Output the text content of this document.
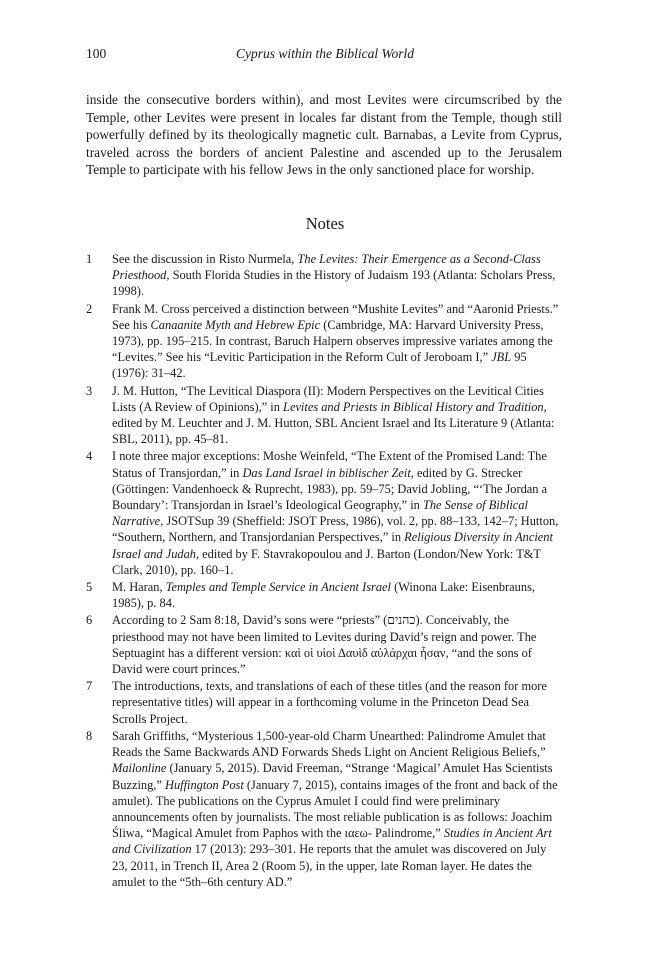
100	Cyprus within the Biblical World

inside the consecutive borders within), and most Levites were circumscribed by the Temple, other Levites were present in locales far distant from the Temple, though still powerfully defined by its theologically magnetic cult. Barnabas, a Levite from Cyprus, traveled across the borders of ancient Palestine and ascended up to the Jerusalem Temple to participate with his fellow Jews in the only sanctioned place for worship.

Notes
1	See the discussion in Risto Nurmela, The Levites: Their Emergence as a Second-Class Priesthood, South Florida Studies in the History of Judaism 193 (Atlanta: Scholars Press, 1998).
2	Frank M. Cross perceived a distinction between “Mushite Levites” and “Aaronid Priests.” See his Canaanite Myth and Hebrew Epic (Cambridge, MA: Harvard University Press, 1973), pp. 195–215. In contrast, Baruch Halpern observes impressive variates among the “Levites.” See his “Levitic Participation in the Reform Cult of Jeroboam I,” JBL 95 (1976): 31–42.
3	J. M. Hutton, “The Levitical Diaspora (II): Modern Perspectives on the Levitical Cities Lists (A Review of Opinions),” in Levites and Priests in Biblical History and Tradition, edited by M. Leuchter and J. M. Hutton, SBL Ancient Israel and Its Literature 9 (Atlanta: SBL, 2011), pp. 45–81.
4	I note three major exceptions: Moshe Weinfeld, “The Extent of the Promised Land: The Status of Transjordan,” in Das Land Israel in biblischer Zeit, edited by G. Strecker (Göttingen: Vandenhoeck & Ruprecht, 1983), pp. 59–75; David Jobling, “‘The Jordan a Boundary’: Transjordan in Israel’s Ideological Geography,” in The Sense of Biblical Narrative, JSOTSup 39 (Sheffield: JSOT Press, 1986), vol. 2, pp. 88–133, 142–7; Hutton, “Southern, Northern, and Transjordanian Perspectives,” in Religious Diversity in Ancient Israel and Judah, edited by F. Stavrakopoulou and J. Barton (London/New York: T&T Clark, 2010), pp. 160–1.
5	M. Haran, Temples and Temple Service in Ancient Israel (Winona Lake: Eisenbrauns, 1985), p. 84.
6	According to 2 Sam 8:18, David’s sons were “priests” (כהנים). Conceivably, the priesthood may not have been limited to Levites during David’s reign and power. The Septuagint has a different version: καὶ οἱ υἱοὶ Δαυὶδ αὐλάρχαι ἦσαν, “and the sons of David were court princes.”
7	The introductions, texts, and translations of each of these titles (and the reason for more representative titles) will appear in a forthcoming volume in the Princeton Dead Sea Scrolls Project.
8	Sarah Griffiths, “Mysterious 1,500-year-old Charm Unearthed: Palindrome Amulet that Reads the Same Backwards AND Forwards Sheds Light on Ancient Religious Beliefs,” Mailonline (January 5, 2015). David Freeman, “Strange ‘Magical’ Amulet Has Scientists Buzzing,” Huffington Post (January 7, 2015), contains images of the front and back of the amulet). The publications on the Cyprus Amulet I could find were preliminary announcements often by journalists. The most reliable publication is as follows: Joachim Śliwa, “Magical Amulet from Paphos with the ιαεω- Palindrome,” Studies in Ancient Art and Civilization 17 (2013): 293–301. He reports that the amulet was discovered on July 23, 2011, in Trench II, Area 2 (Room 5), in the upper, late Roman layer. He dates the amulet to the “5th–6th century AD.”
